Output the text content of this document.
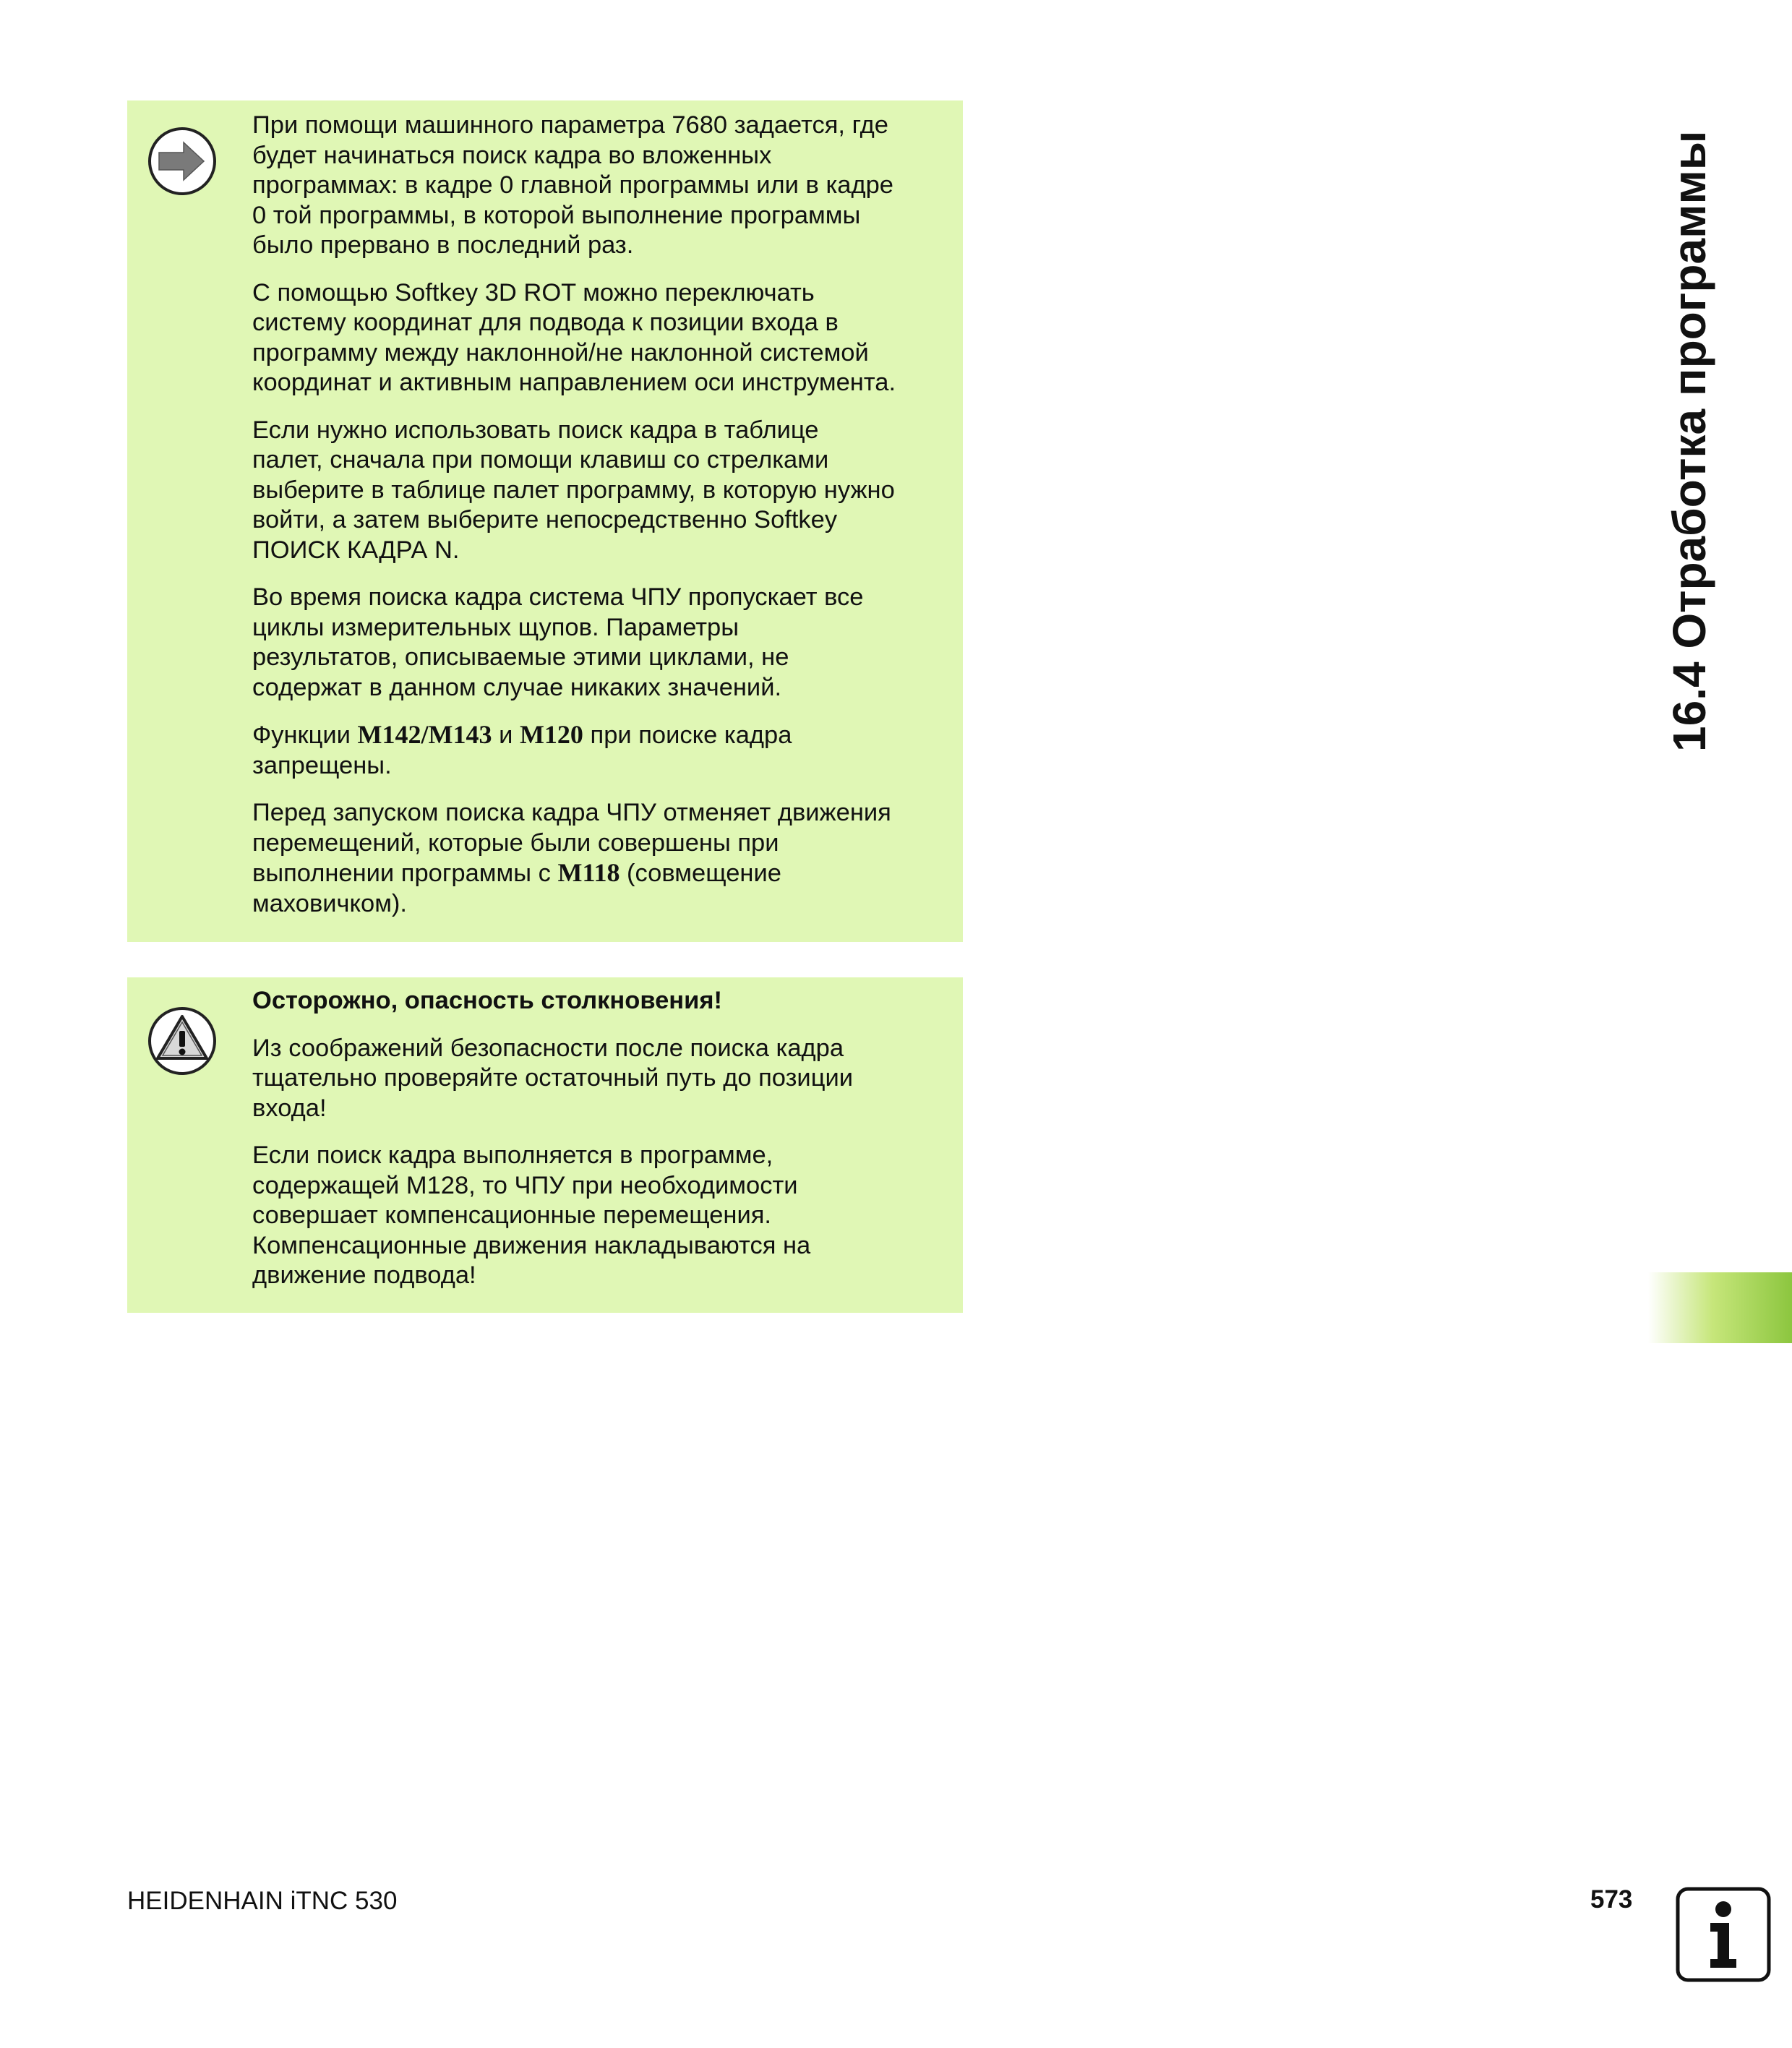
При помощи машинного параметра 7680 задается, где
будет начинаться поиск кадра во вложенных
программах: в кадре 0 главной программы или в кадре
0 той программы, в которой выполнение программы
было прервано в последний раз.

С помощью Softkey 3D ROT можно переключать
систему координат для подвода к позиции входа в
программу между наклонной/не наклонной системой
координат и активным направлением оси инструмента.

Если нужно использовать поиск кадра в таблице
палет, сначала при помощи клавиш со стрелками
выберите в таблице палет программу, в которую нужно
войти, а затем выберите непосредственно Softkey
ПОИСК КАДРА N.

Во время поиска кадра система ЧПУ пропускает все
циклы измерительных щупов. Параметры
результатов, описываемые этими циклами, не
содержат в данном случае никаких значений.

Функции M142/M143 и M120 при поиске кадра
запрещены.

Перед запуском поиска кадра ЧПУ отменяет движения
перемещений, которые были совершены при
выполнении программы с M118 (совмещение
маховичком).

Осторожно, опасность столкновения!

Из соображений безопасности после поиска кадра
тщательно проверяйте остаточный путь до позиции
входа!

Если поиск кадра выполняется в программе,
содержащей M128, то ЧПУ при необходимости
совершает компенсационные перемещения.
Компенсационные движения накладываются на
движение подвода!

16.4 Отработка программы
HEIDENHAIN iTNC 530	573
